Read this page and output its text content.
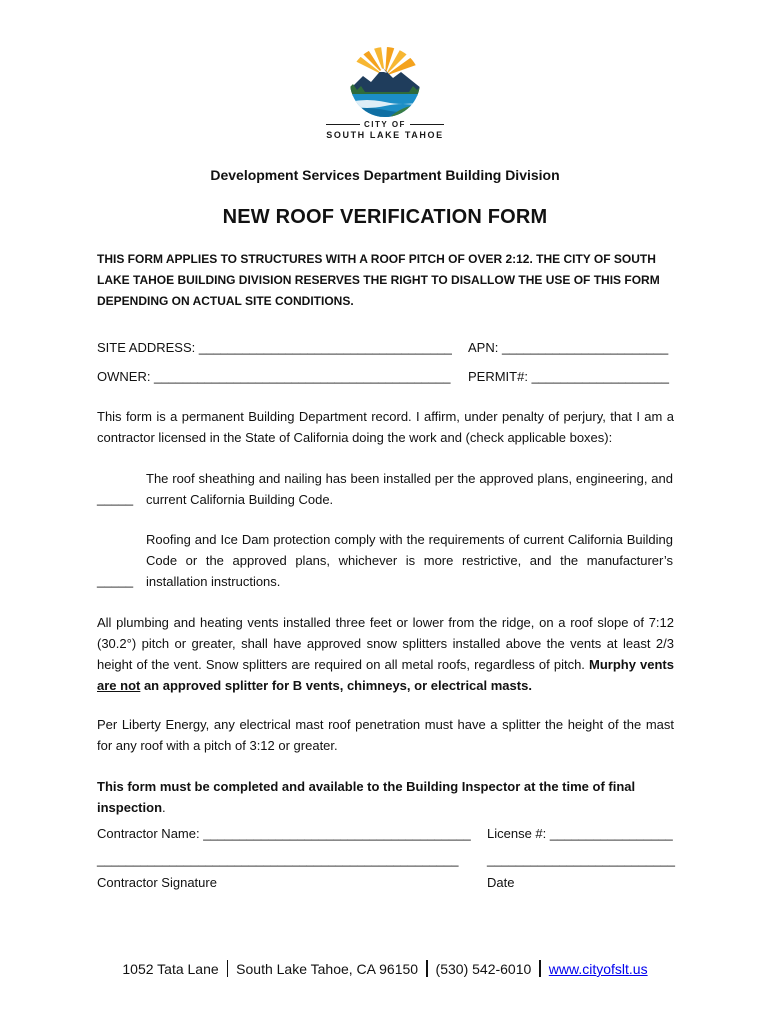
CITY OF
SOUTH LAKE TAHOE
Development Services Department Building Division
NEW ROOF VERIFICATION FORM
THIS FORM APPLIES TO STRUCTURES WITH A ROOF PITCH OF OVER 2:12. THE CITY OF SOUTH LAKE TAHOE BUILDING DIVISION RESERVES THE RIGHT TO DISALLOW THE USE OF THIS FORM DEPENDING ON ACTUAL SITE CONDITIONS.
SITE ADDRESS: ___________________________________ APN: _______________________
OWNER: _________________________________________ PERMIT#: ___________________

This form is a permanent Building Department record. I affirm, under penalty of perjury, that I am a contractor licensed in the State of California doing the work and (check applicable boxes):

The roof sheathing and nailing has been installed per the approved plans, engineering, and current California Building Code.

_____

Roofing and Ice Dam protection comply with the requirements of current California Building Code or the approved plans, whichever is more restrictive, and the manufacturer’s installation instructions.

_____

All plumbing and heating vents installed three feet or lower from the ridge, on a roof slope of 7:12 (30.2°) pitch or greater, shall have approved snow splitters installed above the vents at least 2/3 height of the vent. Snow splitters are required on all metal roofs, regardless of pitch. Murphy vents are not an approved splitter for B vents, chimneys, or electrical masts.

Per Liberty Energy, any electrical mast roof penetration must have a splitter the height of the mast for any roof with a pitch of 3:12 or greater.

This form must be completed and available to the Building Inspector at the time of final inspection.

Contractor Name: _____________________________________ License #: _________________
__________________________________________________ __________________________
Contractor Signature	Date
1052 Tata Lane South Lake Tahoe, CA 96150 (530) 542-6010 www.cityofslt.us
